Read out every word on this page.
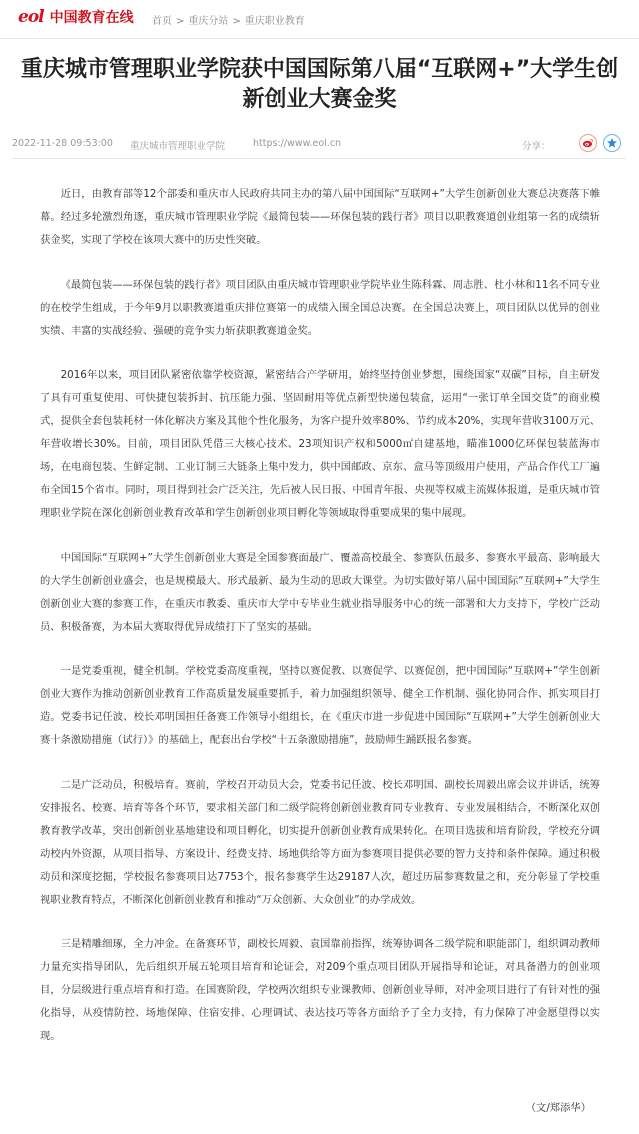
eol 中国教育在线 首页 > 重庆分站 > 重庆职业教育
重庆城市管理职业学院获中国国际第八届“互联网+”大学生创新创业大赛金奖
2022-11-28 09:53:00 重庆城市管理职业学院	https://www.eol.cn	分享：

近日，由教育部等12个部委和重庆市人民政府共同主办的第八届中国国际“互联网+”大学生创新创业大赛总决赛落下帷幕。经过多轮激烈角逐，重庆城市管理职业学院《最简包装——环保包装的践行者》项目以职教赛道创业组第一名的成绩斩获金奖，实现了学校在该项大赛中的历史性突破。

《最简包装——环保包装的践行者》项目团队由重庆城市管理职业学院毕业生陈科霖、周志胜、杜小林和11名不同专业的在校学生组成，于今年9月以职教赛道重庆排位赛第一的成绩入围全国总决赛。在全国总决赛上，项目团队以优异的创业实绩、丰富的实战经验、强硬的竞争实力斩获职教赛道金奖。

2016年以来，项目团队紧密依靠学校资源，紧密结合产学研用，始终坚持创业梦想，围绕国家“双碳”目标，自主研发了具有可重复使用、可快捷包装拆封、抗压能力强、坚固耐用等优点新型快递包装盒，运用“一张订单全国交货”的商业模式，提供全套包装耗材一体化解决方案及其他个性化服务，为客户提升效率80%、节约成本20%，实现年营收3100万元、年营收增长30%。目前，项目团队凭借三大核心技术、23项知识产权和5000㎡自建基地，瞄准1000亿环保包装蓝海市场，在电商包装、生鲜定制、工业订制三大链条上集中发力，供中国邮政、京东、盒马等顶级用户使用，产品合作代工厂遍布全国15个省市。同时，项目得到社会广泛关注，先后被人民日报、中国青年报、央视等权威主流媒体报道，是重庆城市管理职业学院在深化创新创业教育改革和学生创新创业项目孵化等领域取得重要成果的集中展现。

中国国际“互联网+”大学生创新创业大赛是全国参赛面最广、覆盖高校最全、参赛队伍最多、参赛水平最高、影响最大的大学生创新创业盛会，也是规模最大、形式最新、最为生动的思政大课堂。为切实做好第八届中国国际“互联网+”大学生创新创业大赛的参赛工作，在重庆市教委、重庆市大学中专毕业生就业指导服务中心的统一部署和大力支持下，学校广泛动员、积极备赛，为本届大赛取得优异成绩打下了坚实的基础。

一是党委重视，健全机制。学校党委高度重视，坚持以赛促教、以赛促学、以赛促创，把中国国际“互联网+”学生创新创业大赛作为推动创新创业教育工作高质量发展重要抓手，着力加强组织领导、健全工作机制、强化协同合作、抓实项目打造。党委书记任波、校长邓明国担任备赛工作领导小组组长，在《重庆市进一步促进中国国际“互联网+”大学生创新创业大赛十条激励措施（试行）》的基础上，配套出台学校“十五条激励措施”，鼓励师生踊跃报名参赛。

二是广泛动员，积极培育。赛前，学校召开动员大会，党委书记任波、校长邓明国、副校长周毅出席会议并讲话，统筹安排报名、校赛、培育等各个环节，要求相关部门和二级学院将创新创业教育同专业教育、专业发展相结合，不断深化双创教育教学改革，突出创新创业基地建设和项目孵化，切实提升创新创业教育成果转化。在项目选拔和培育阶段，学校充分调动校内外资源，从项目指导、方案设计、经费支持、场地供给等方面为参赛项目提供必要的智力支持和条件保障。通过积极动员和深度挖掘，学校报名参赛项目达7753个，报名参赛学生达29187人次，超过历届参赛数量之和，充分彰显了学校重视职业教育特点，不断深化创新创业教育和推动“万众创新、大众创业”的办学成效。

三是精雕细琢，全力冲金。在备赛环节，副校长周毅、袁国靠前指挥，统筹协调各二级学院和职能部门，组织调动教师力量充实指导团队，先后组织开展五轮项目培育和论证会，对209个重点项目团队开展指导和论证，对具备潜力的创业项目，分层级进行重点培育和打造。在国赛阶段，学校两次组织专业课教师、创新创业导师，对冲金项目进行了有针对性的强化指导，从疫情防控、场地保障、住宿安排、心理调试、表达技巧等各方面给予了全力支持，有力保障了冲金愿望得以实现。

（文/郑添华）
